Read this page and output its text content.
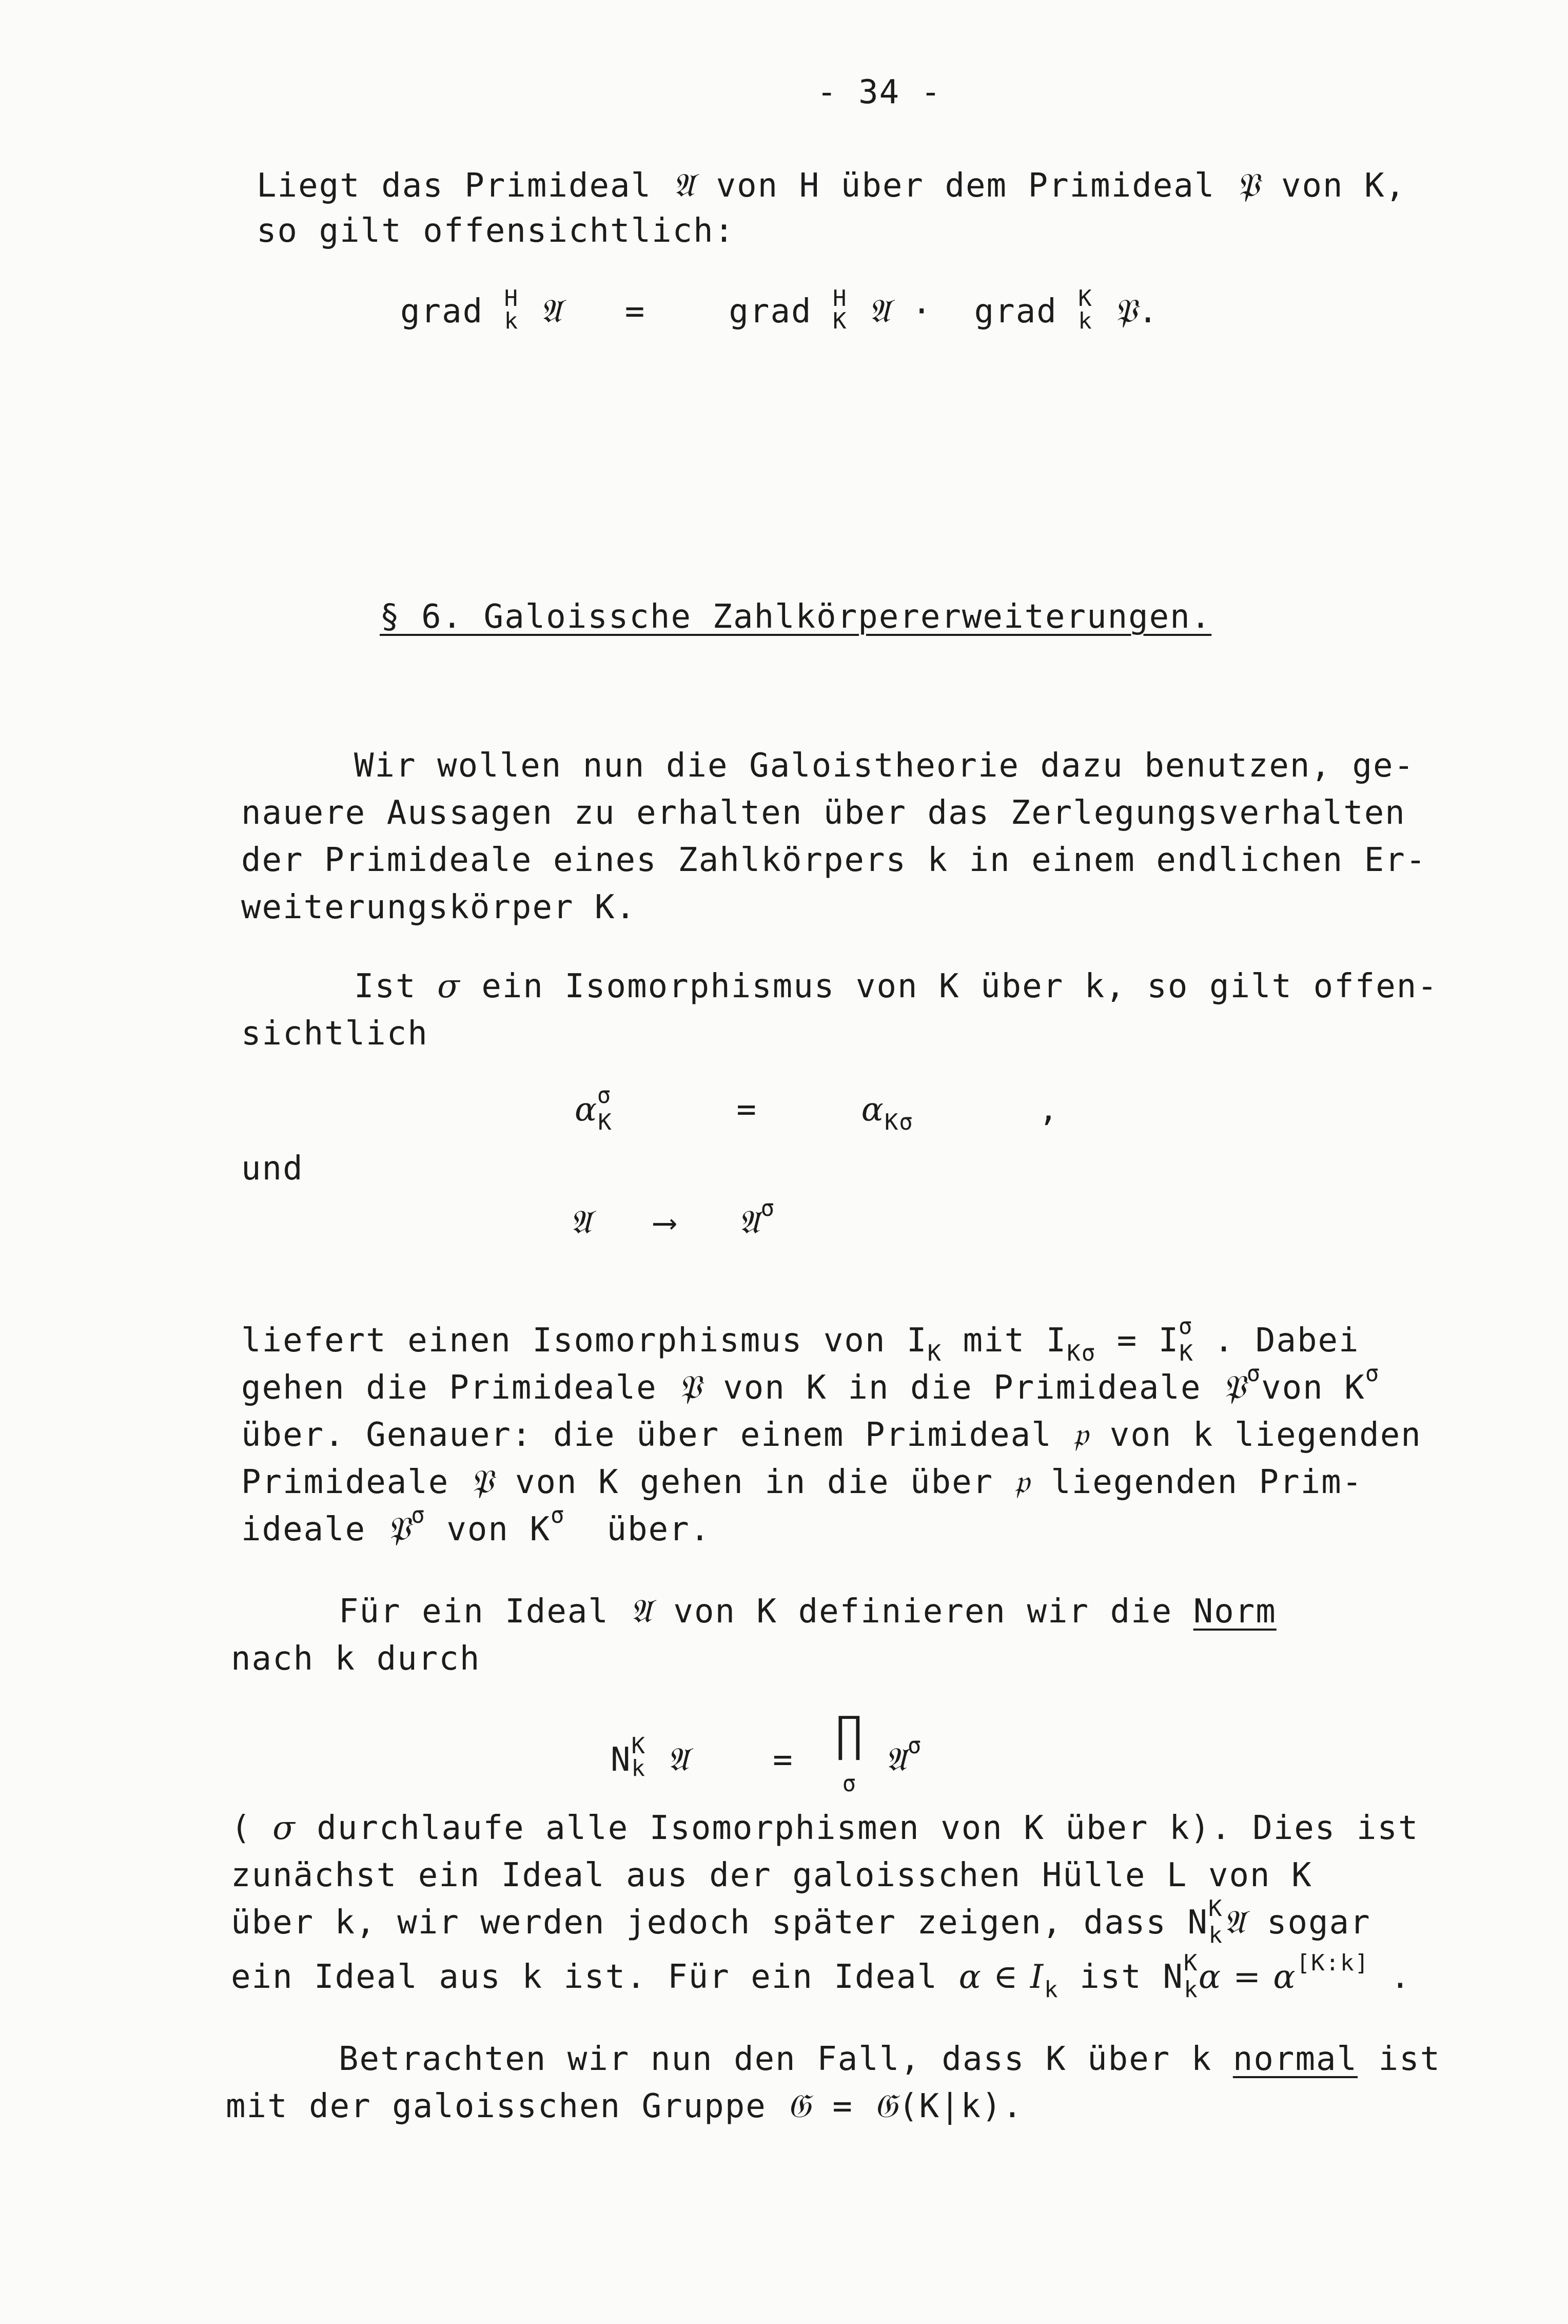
- 34 -
Liegt das Primideal 𝔄 von H über dem Primideal 𝔓 von K,
so gilt offensichtlich:
grad H
k 𝔄 =	grad H
K 𝔄 · grad K
k 𝔓.
§ 6. Galoissche Zahlkörpererweiterungen.
Wir wollen nun die Galoistheorie dazu benutzen, ge-
nauere Aussagen zu erhalten über das Zerlegungsverhalten
der Primideale eines Zahlkörpers k in einem endlichen Er-
weiterungskörper K.
Ist σ ein Isomorphismus von K über k, so gilt offen-
sichtlich
$\alpha_K^\sigma$	=	$\alpha_{K\sigma}$	,
und
𝔄 ⟶ 𝔄$^\sigma$
liefert einen Isomorphismus von $I_K$ mit $I_{K\sigma} = I_K^\sigma$ . Dabei
gehen die Primideale 𝔓 von K in die Primideale 𝔓$^\sigma$von $K^\sigma$
über. Genauer: die über einem Primideal 𝔭 von k liegenden
Primideale 𝔓 von K gehen in die über 𝔭 liegenden Prim-
ideale 𝔓$^\sigma$ von $K^\sigma$  über.
Für ein Ideal 𝔄 von K definieren wir die Norm
nach k durch
NK
k 𝔄	= ∏
σ 𝔄$^\sigma$
( σ durchlaufe alle Isomorphismen von K über k). Dies ist
zunächst ein Ideal aus der galoisschen Hülle L von K
über k, wir werden jedoch später zeigen, dass $N^K_k𝔄$ sogar
ein Ideal aus k ist. Für ein Ideal α ∈ $I_k$ ist $N^K_k\alpha = \alpha[K:k]$ .
Betrachten wir nun den Fall, dass K über k normal ist
mit der galoisschen Gruppe 𝔊 = 𝔊(K|k).
